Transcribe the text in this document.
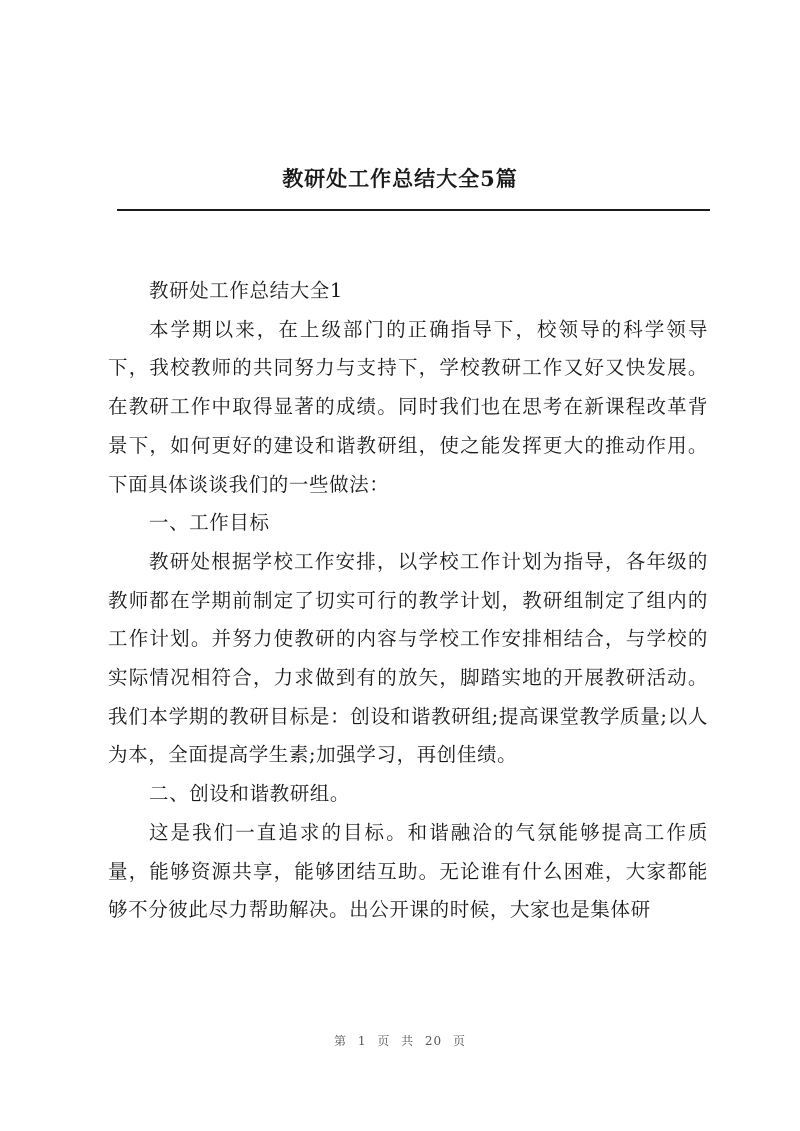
教研处工作总结大全5篇

教研处工作总结大全1

本学期以来，在上级部门的正确指导下，校领导的科学领导下，我校教师的共同努力与支持下，学校教研工作又好又快发展。在教研工作中取得显著的成绩。同时我们也在思考在新课程改革背景下，如何更好的建设和谐教研组，使之能发挥更大的推动作用。下面具体谈谈我们的一些做法：

一、工作目标

教研处根据学校工作安排，以学校工作计划为指导，各年级的教师都在学期前制定了切实可行的教学计划，教研组制定了组内的工作计划。并努力使教研的内容与学校工作安排相结合，与学校的实际情况相符合，力求做到有的放矢，脚踏实地的开展教研活动。我们本学期的教研目标是：创设和谐教研组;提高课堂教学质量;以人为本，全面提高学生素;加强学习，再创佳绩。

二、创设和谐教研组。

这是我们一直追求的目标。和谐融洽的气氛能够提高工作质量，能够资源共享，能够团结互助。无论谁有什么困难，大家都能够不分彼此尽力帮助解决。出公开课的时候，大家也是集体研

第 1 页 共 20 页
